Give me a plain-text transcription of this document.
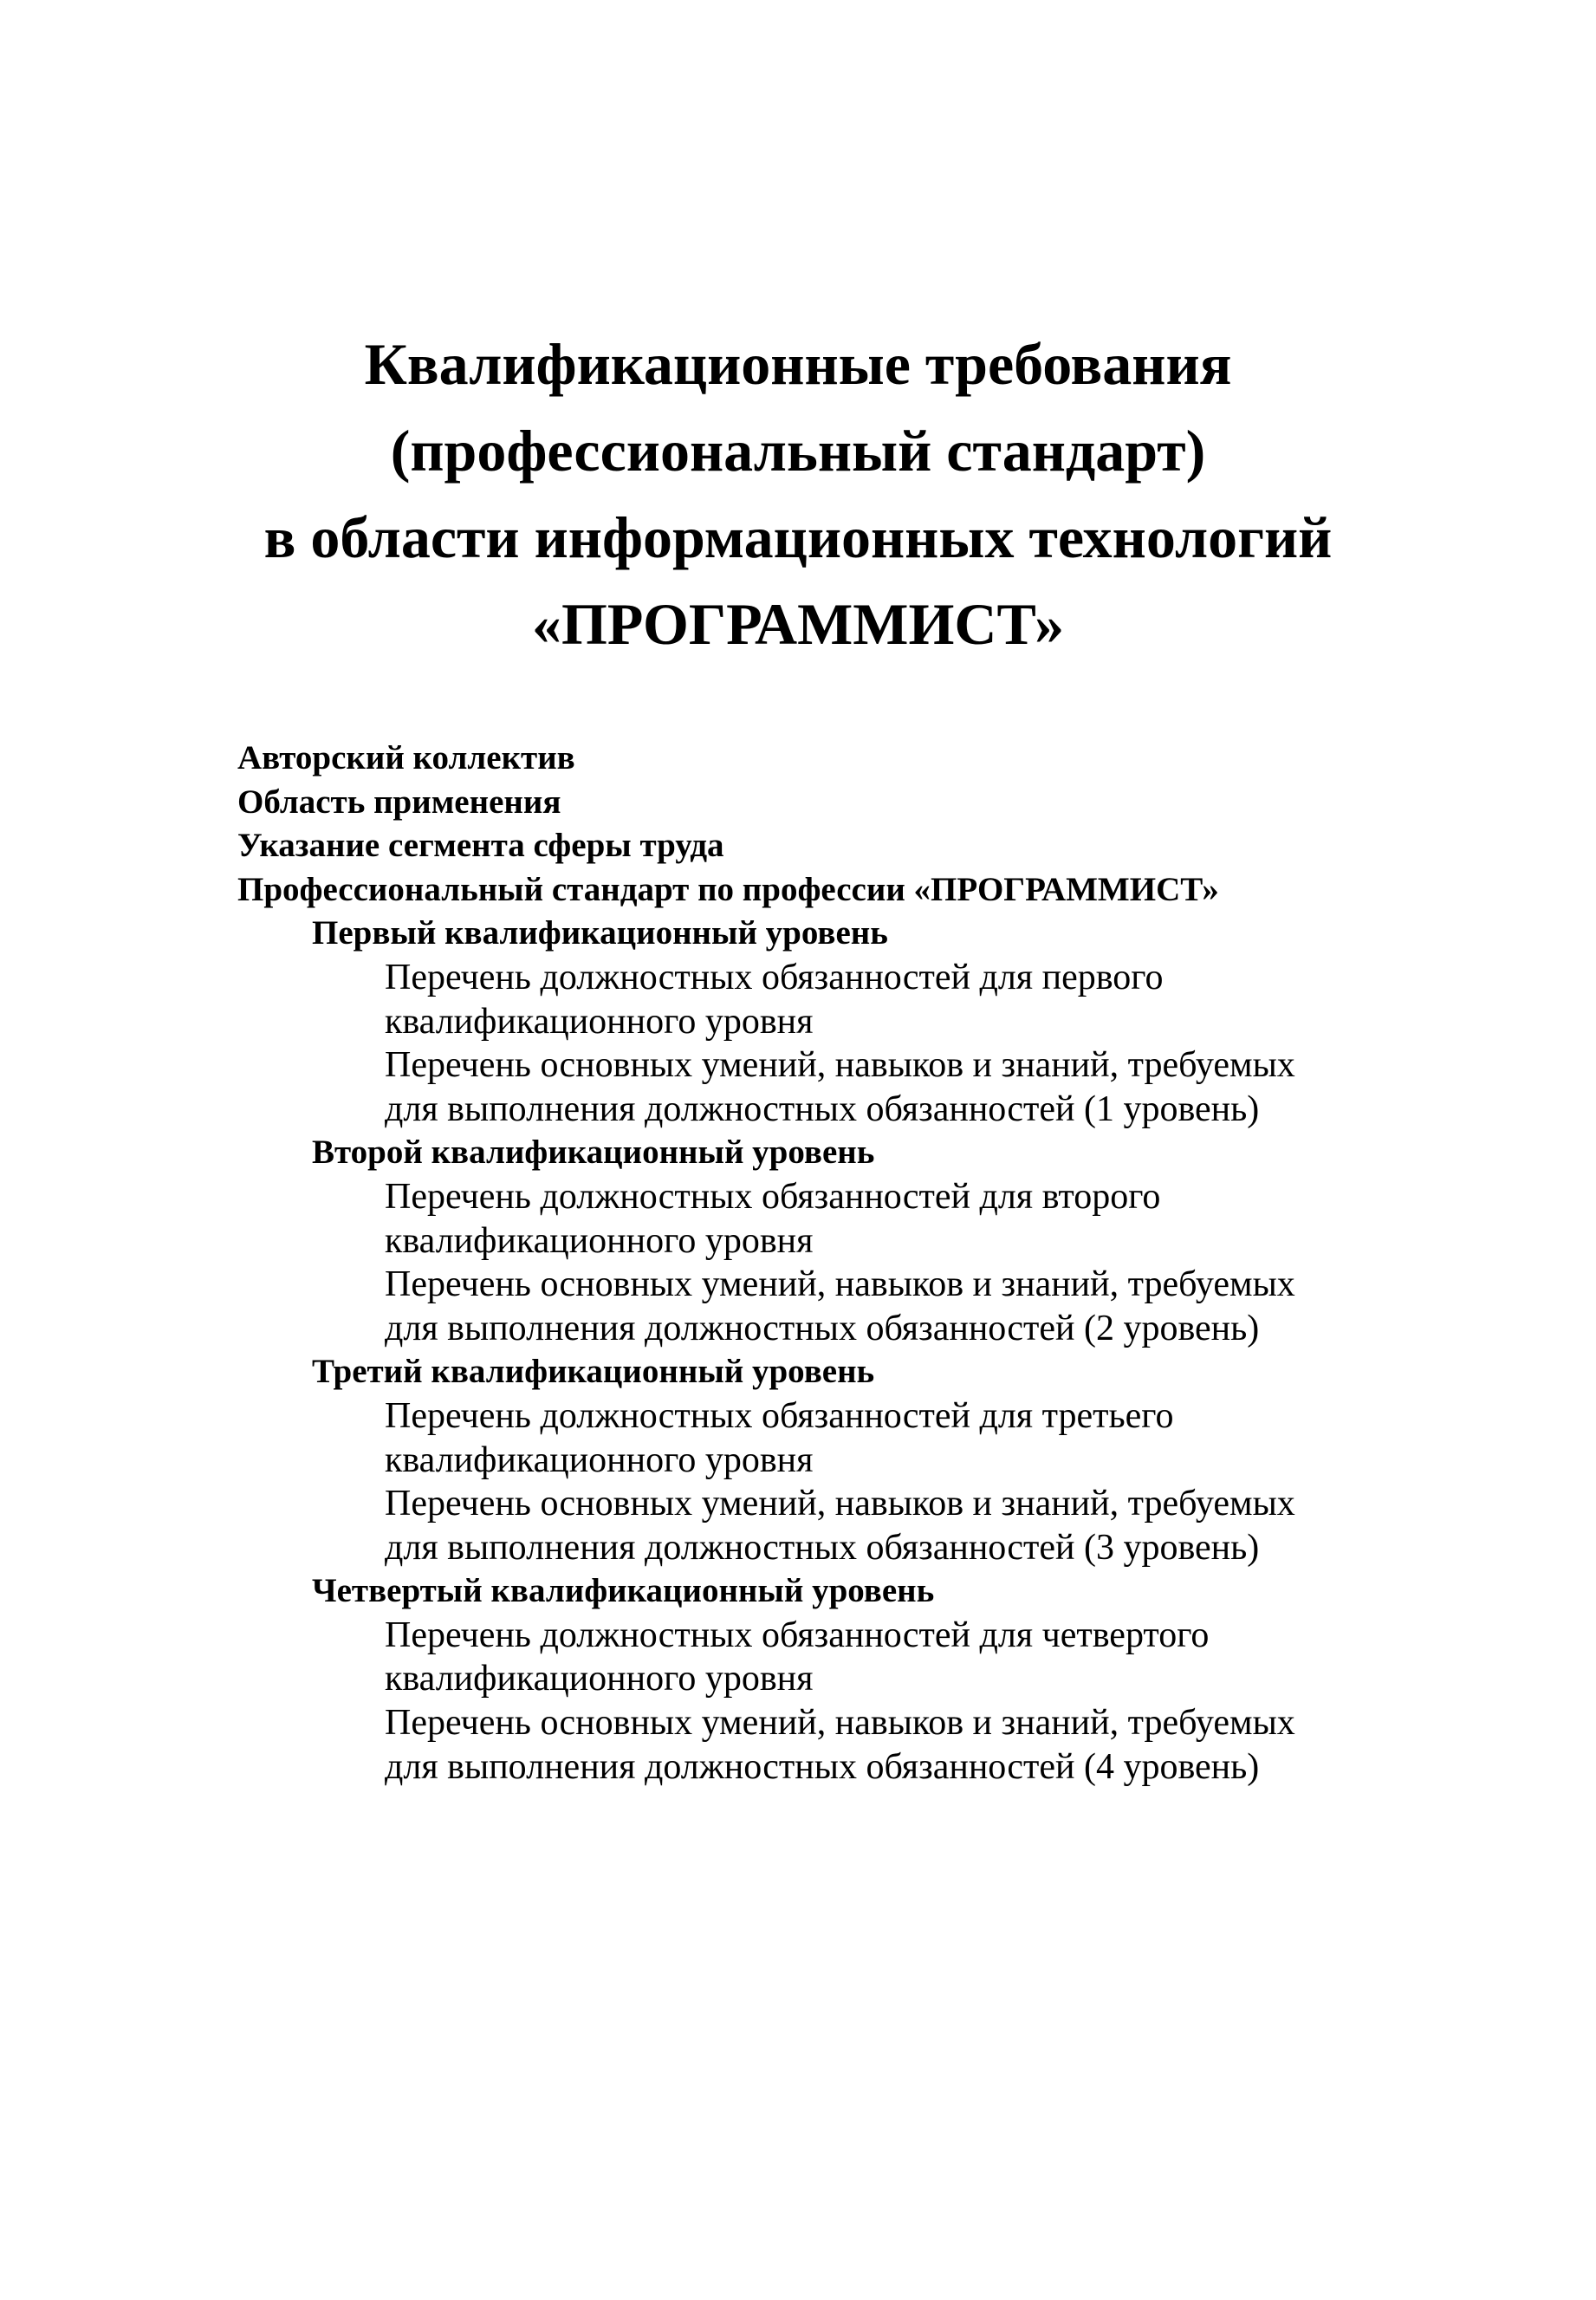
Квалификационные требования
(профессиональный стандарт)
в области информационных технологий
«ПРОГРАММИСТ»
Авторский коллектив
Область применения
Указание сегмента сферы труда
Профессиональный стандарт по профессии «ПРОГРАММИСТ»
Первый квалификационный уровень
Перечень должностных обязанностей для первого
квалификационного уровня
Перечень основных умений, навыков и знаний, требуемых
для выполнения должностных обязанностей (1 уровень)
Второй квалификационный уровень
Перечень должностных обязанностей для второго
квалификационного уровня
Перечень основных умений, навыков и знаний, требуемых
для выполнения должностных обязанностей (2 уровень)
Третий квалификационный уровень
Перечень должностных обязанностей для третьего
квалификационного уровня
Перечень основных умений, навыков и знаний, требуемых
для выполнения должностных обязанностей (3 уровень)
Четвертый квалификационный уровень
Перечень должностных обязанностей для четвертого
квалификационного уровня
Перечень основных умений, навыков и знаний, требуемых
для выполнения должностных обязанностей (4 уровень)
